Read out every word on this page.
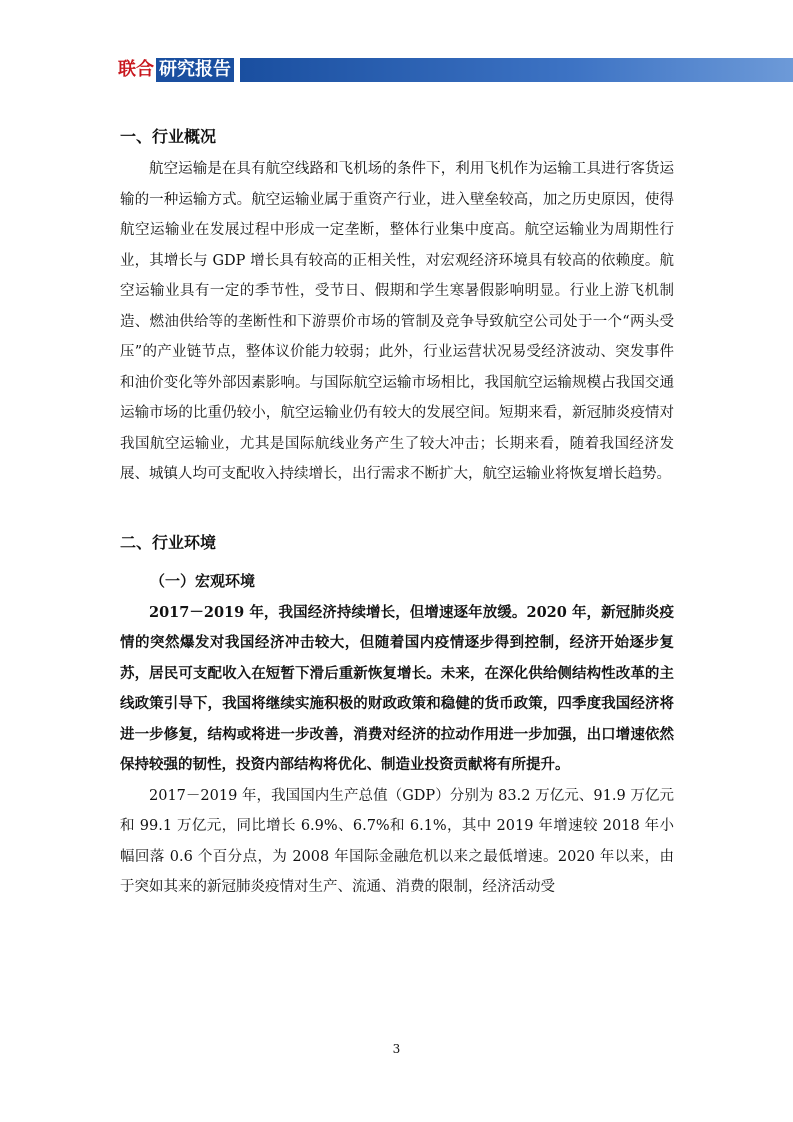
联合 研究报告
一、行业概况

航空运输是在具有航空线路和飞机场的条件下，利用飞机作为运输工具进行客货运输的一种运输方式。航空运输业属于重资产行业，进入壁垒较高，加之历史原因，使得航空运输业在发展过程中形成一定垄断，整体行业集中度高。航空运输业为周期性行业，其增长与 GDP 增长具有较高的正相关性，对宏观经济环境具有较高的依赖度。航空运输业具有一定的季节性，受节日、假期和学生寒暑假影响明显。行业上游飞机制造、燃油供给等的垄断性和下游票价市场的管制及竞争导致航空公司处于一个“两头受压”的产业链节点，整体议价能力较弱；此外，行业运营状况易受经济波动、突发事件和油价变化等外部因素影响。与国际航空运输市场相比，我国航空运输规模占我国交通运输市场的比重仍较小，航空运输业仍有较大的发展空间。短期来看，新冠肺炎疫情对我国航空运输业，尤其是国际航线业务产生了较大冲击；长期来看，随着我国经济发展、城镇人均可支配收入持续增长，出行需求不断扩大，航空运输业将恢复增长趋势。

二、行业环境
（一）宏观环境

2017－2019 年，我国经济持续增长，但增速逐年放缓。2020 年，新冠肺炎疫情的突然爆发对我国经济冲击较大，但随着国内疫情逐步得到控制，经济开始逐步复苏，居民可支配收入在短暂下滑后重新恢复增长。未来，在深化供给侧结构性改革的主线政策引导下，我国将继续实施积极的财政政策和稳健的货币政策，四季度我国经济将进一步修复，结构或将进一步改善，消费对经济的拉动作用进一步加强，出口增速依然保持较强的韧性，投资内部结构将优化、制造业投资贡献将有所提升。

2017－2019 年，我国国内生产总值（GDP）分别为 83.2 万亿元、91.9 万亿元和 99.1 万亿元，同比增长 6.9%、6.7%和 6.1%，其中 2019 年增速较 2018 年小幅回落 0.6 个百分点，为 2008 年国际金融危机以来之最低增速。2020 年以来，由于突如其来的新冠肺炎疫情对生产、流通、消费的限制，经济活动受

3
